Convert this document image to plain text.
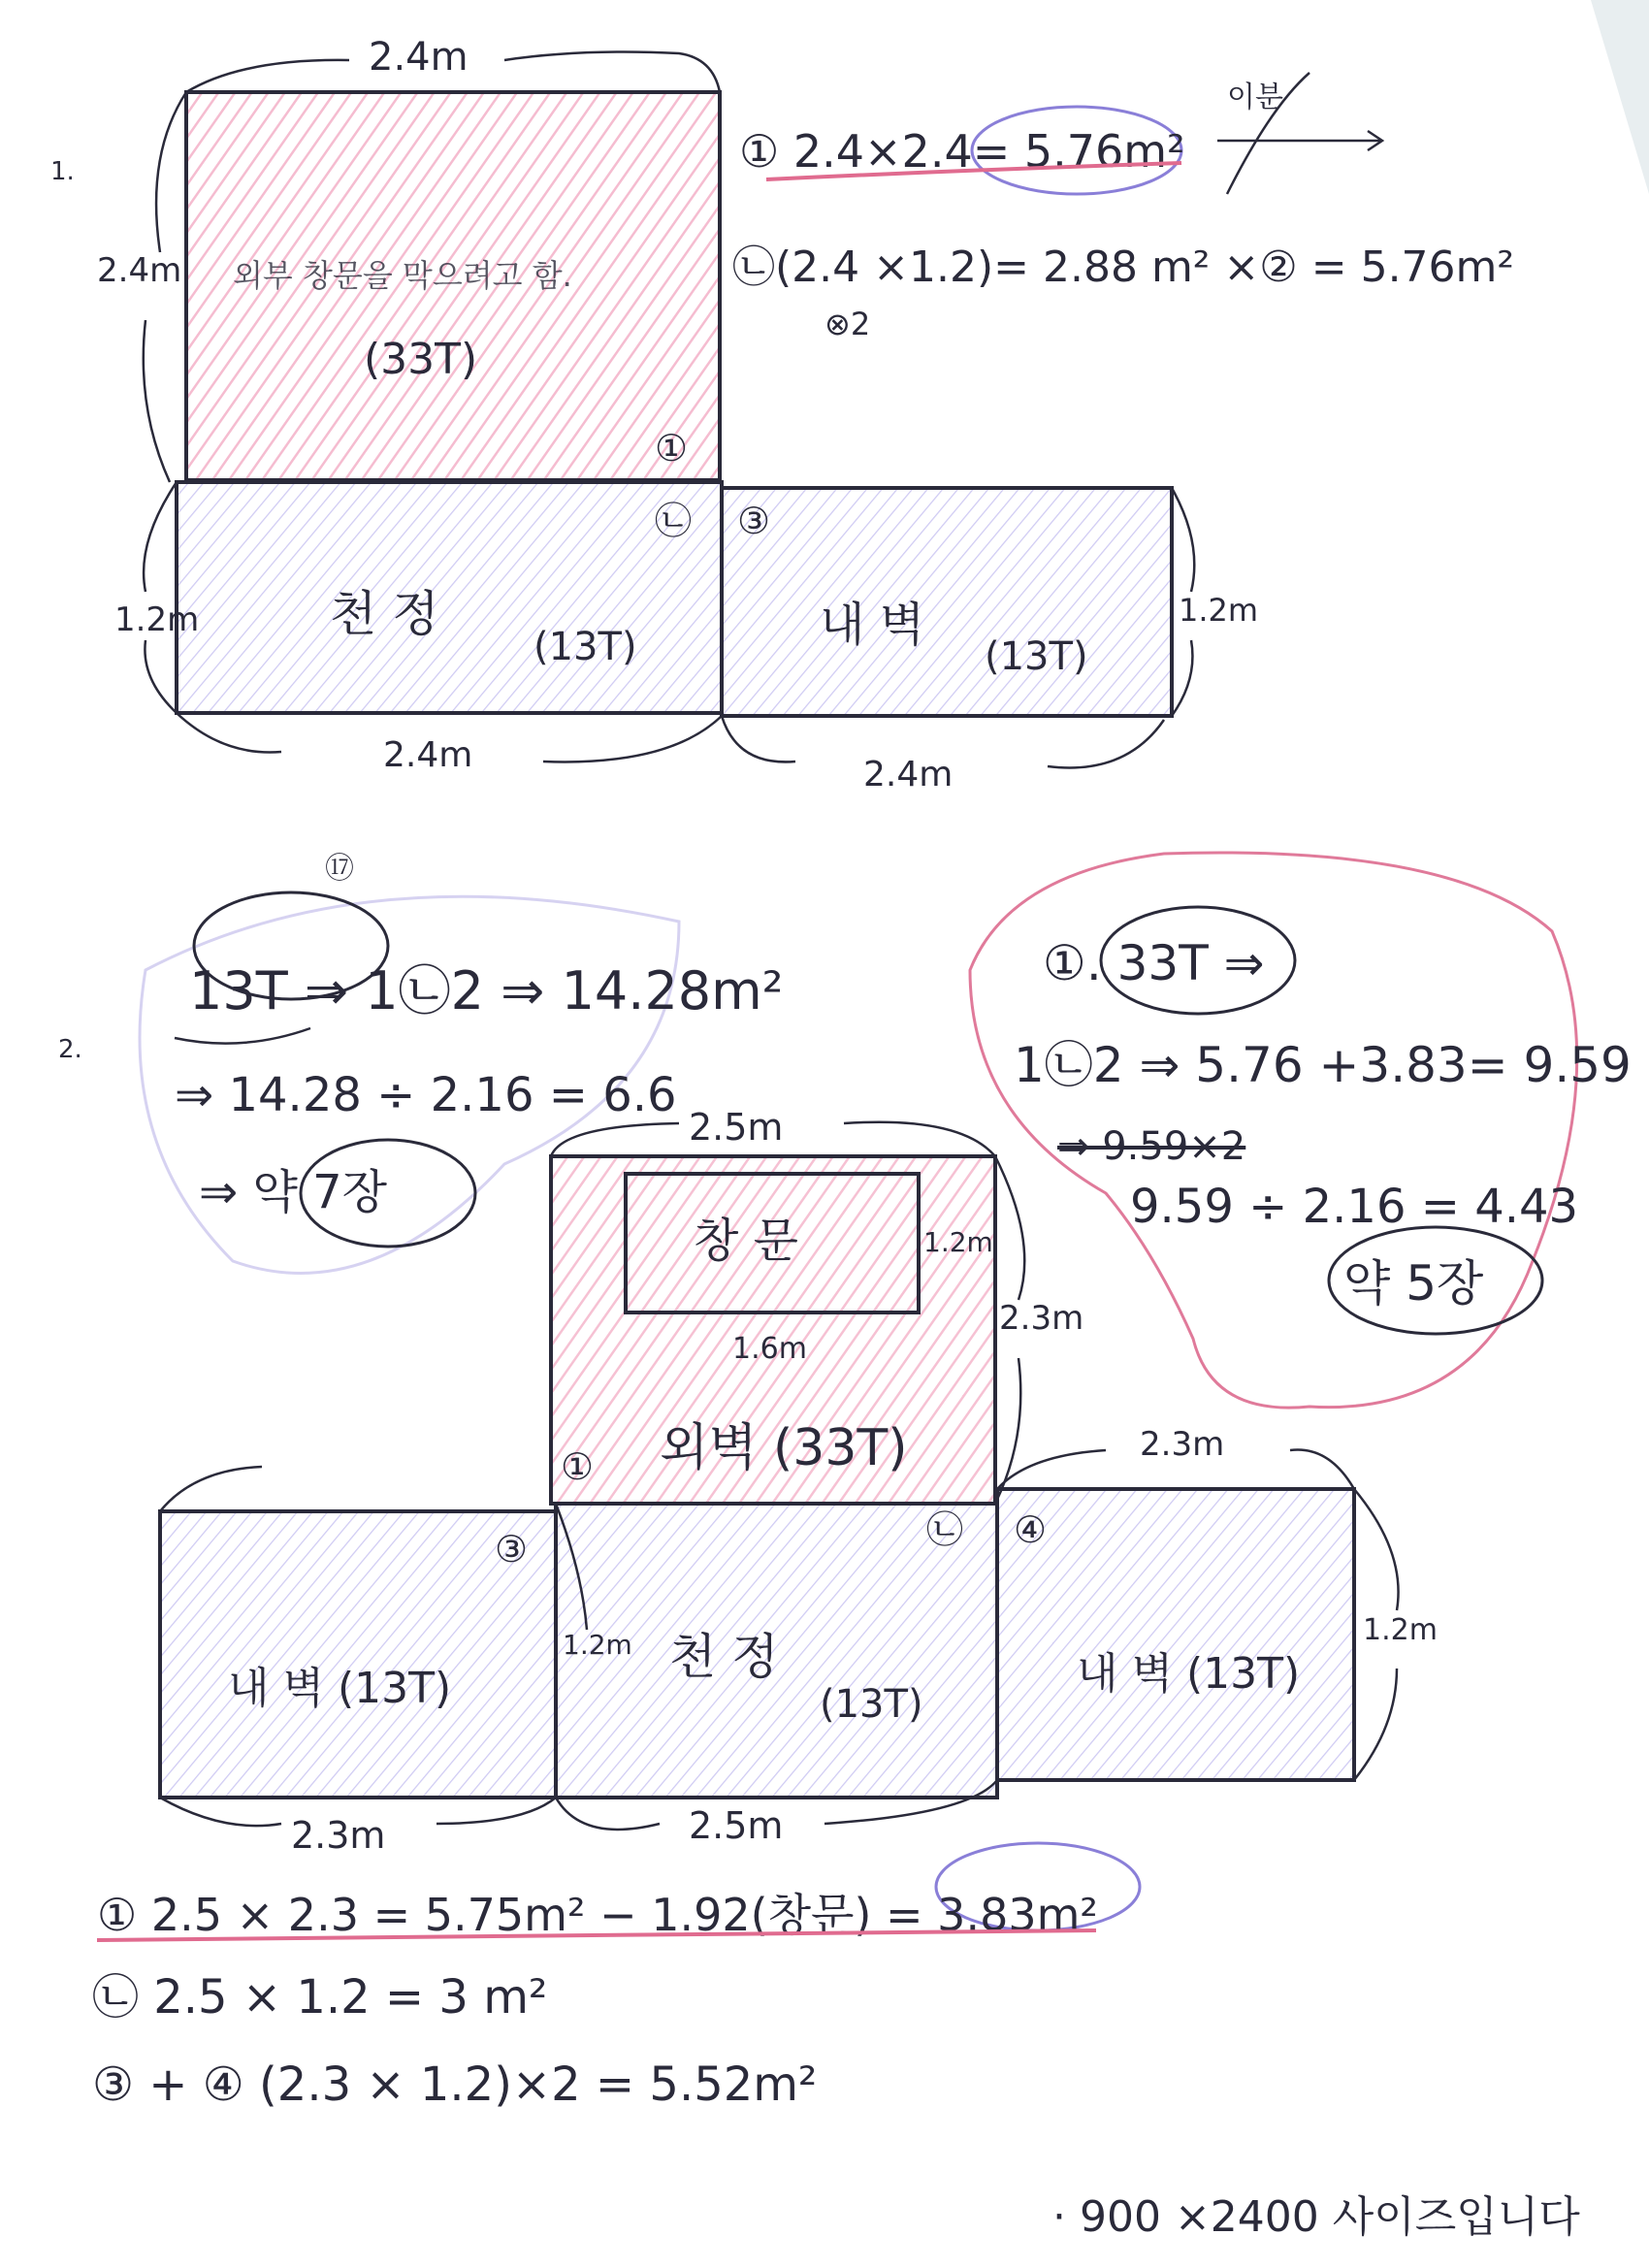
1.
2.4m
2.4m 외부 창문을 막으려고 함.
(33T)
①
㉡ ③
1.2m	천 정
(13T)	내 벽
(13T)
1.2m
2.4m	2.4m
① 2.4×2.4= 5.76m²
이분
㉡(2.4 ×1.2)= 2.88 m² ×② = 5.76m²
⊗2
2.
⑰
13T ⇒ 1㉡2 ⇒ 14.28m²
⇒ 14.28 ÷ 2.16 = 6.6
⇒ 약 7장
①. 33T ⇒
1㉡2 ⇒ 5.76 +3.83= 9.59
⇒ 9.59×2
9.59 ÷ 2.16 = 4.43
약 5장
2.5m
창 문	1.2m
1.6m
2.3m
① 외벽 (33T)	2.3m
③	㉡ ④
내 벽 (13T)
1.2m 천 정
(13T)
내 벽 (13T)
1.2m
2.3m	2.5m
① 2.5 × 2.3 = 5.75m² − 1.92(창문) = 3.83m²
㉡ 2.5 × 1.2 = 3 m²
③ + ④ (2.3 × 1.2)×2 = 5.52m²
· 900 ×2400 사이즈입니다
